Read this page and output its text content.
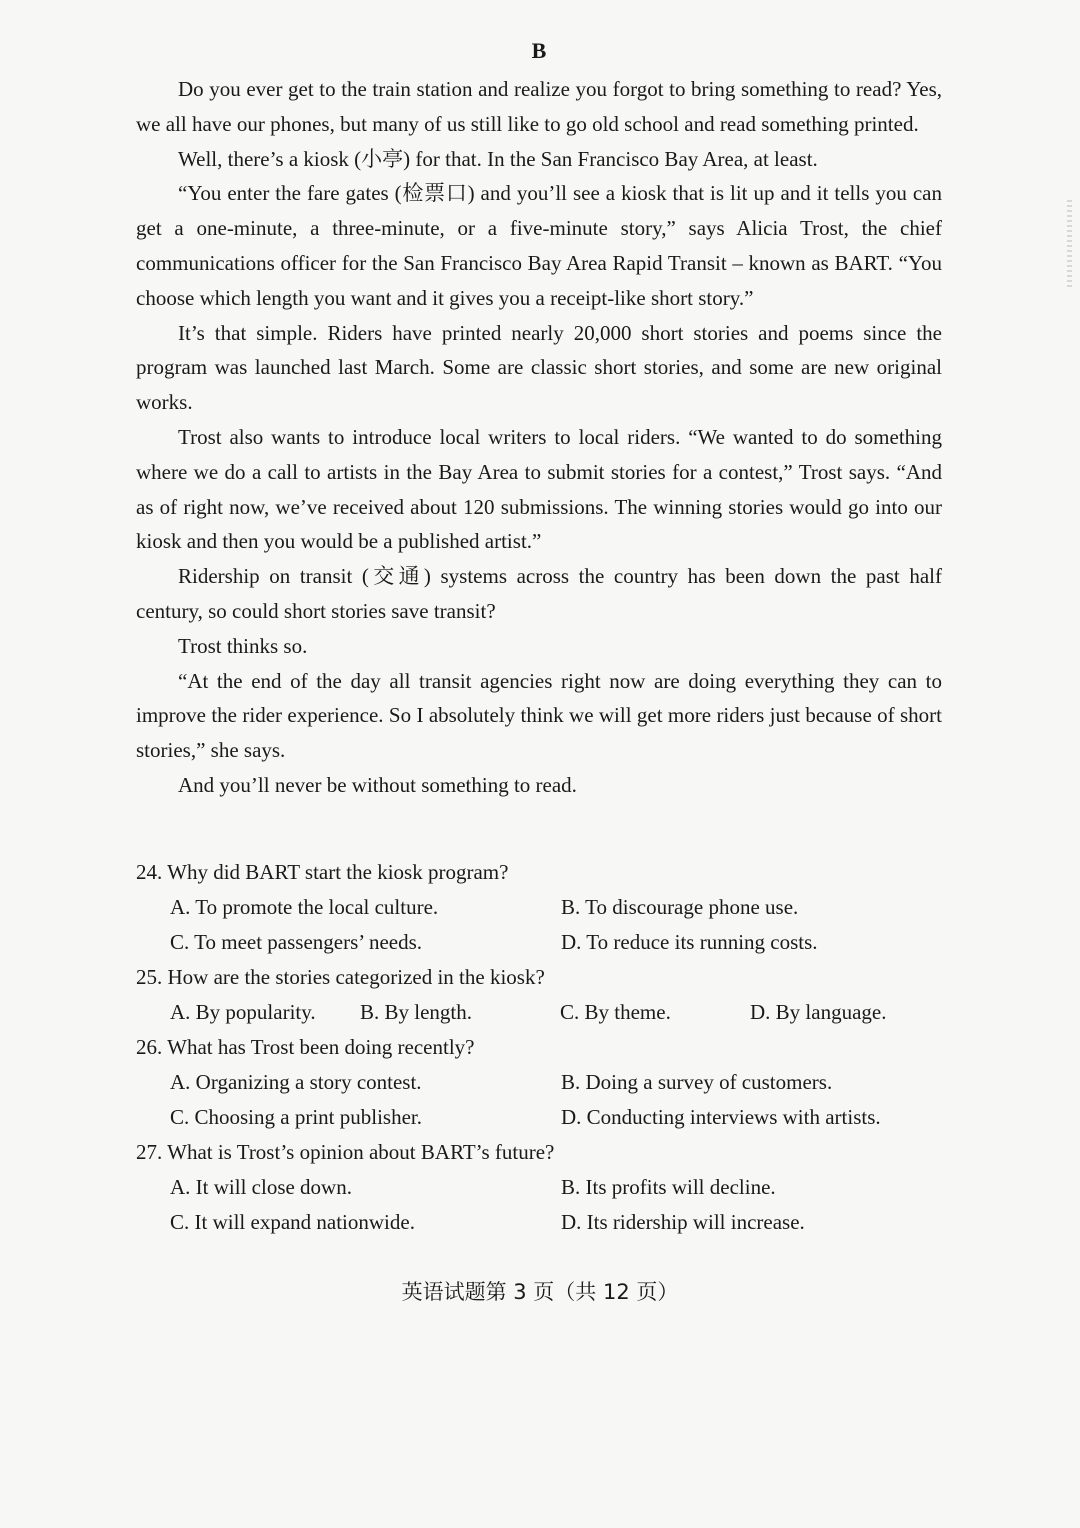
B

Do you ever get to the train station and realize you forgot to bring something to read? Yes, we all have our phones, but many of us still like to go old school and read something printed.

Well, there’s a kiosk (小亭) for that. In the San Francisco Bay Area, at least.

“You enter the fare gates (检票口) and you’ll see a kiosk that is lit up and it tells you can get a one-minute, a three-minute, or a five-minute story,” says Alicia Trost, the chief communications officer for the San Francisco Bay Area Rapid Transit – known as BART. “You choose which length you want and it gives you a receipt-like short story.”

It’s that simple. Riders have printed nearly 20,000 short stories and poems since the program was launched last March. Some are classic short stories, and some are new original works.

Trost also wants to introduce local writers to local riders. “We wanted to do something where we do a call to artists in the Bay Area to submit stories for a contest,” Trost says. “And as of right now, we’ve received about 120 submissions. The winning stories would go into our kiosk and then you would be a published artist.”

Ridership on transit (交通) systems across the country has been down the past half century, so could short stories save transit?

Trost thinks so.

“At the end of the day all transit agencies right now are doing everything they can to improve the rider experience. So I absolutely think we will get more riders just because of short stories,” she says.

And you’ll never be without something to read.

24. Why did BART start the kiosk program?

A. To promote the local culture.	B. To discourage phone use.
C. To meet passengers’ needs.	D. To reduce its running costs.

25. How are the stories categorized in the kiosk?

A. By popularity.	B. By length.	C. By theme.	D. By language.

26. What has Trost been doing recently?

A. Organizing a story contest.	B. Doing a survey of customers.
C. Choosing a print publisher.	D. Conducting interviews with artists.

27. What is Trost’s opinion about BART’s future?

A. It will close down.	B. Its profits will decline.
C. It will expand nationwide.	D. Its ridership will increase.
英语试题第 3 页（共 12 页）
